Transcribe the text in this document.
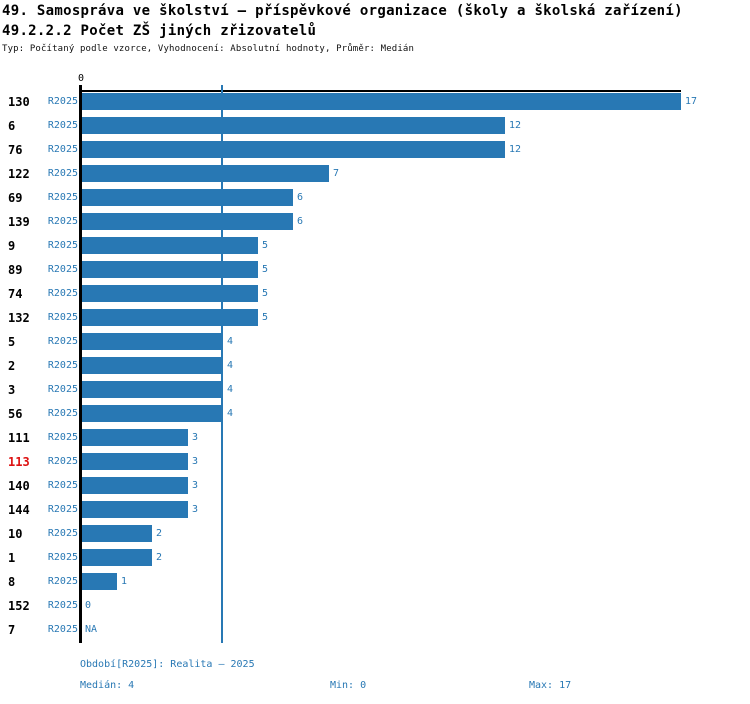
49. Samospráva ve školství – příspěvkové organizace (školy a školská zařízení)
49.2.2.2 Počet ZŠ jiných zřizovatelů
Typ: Počítaný podle vzorce, Vyhodnocení: Absolutní hodnoty, Průměr: Medián
0
130	R2025	17
6	R2025	12
76	R2025	12
122	R2025	7
69	R2025	6
139	R2025	6
9	R2025	5
89	R2025	5
74	R2025	5
132	R2025	5
5	R2025	4
2	R2025	4
3	R2025	4
56	R2025	4
111	R2025	3
113	R2025	3
140	R2025	3
144	R2025	3
10	R2025	2
1	R2025	2
8	R2025	1
152	R2025 0
7	R2025 NA
Období[R2025]: Realita – 2025
Medián: 4	Min: 0	Max: 17
